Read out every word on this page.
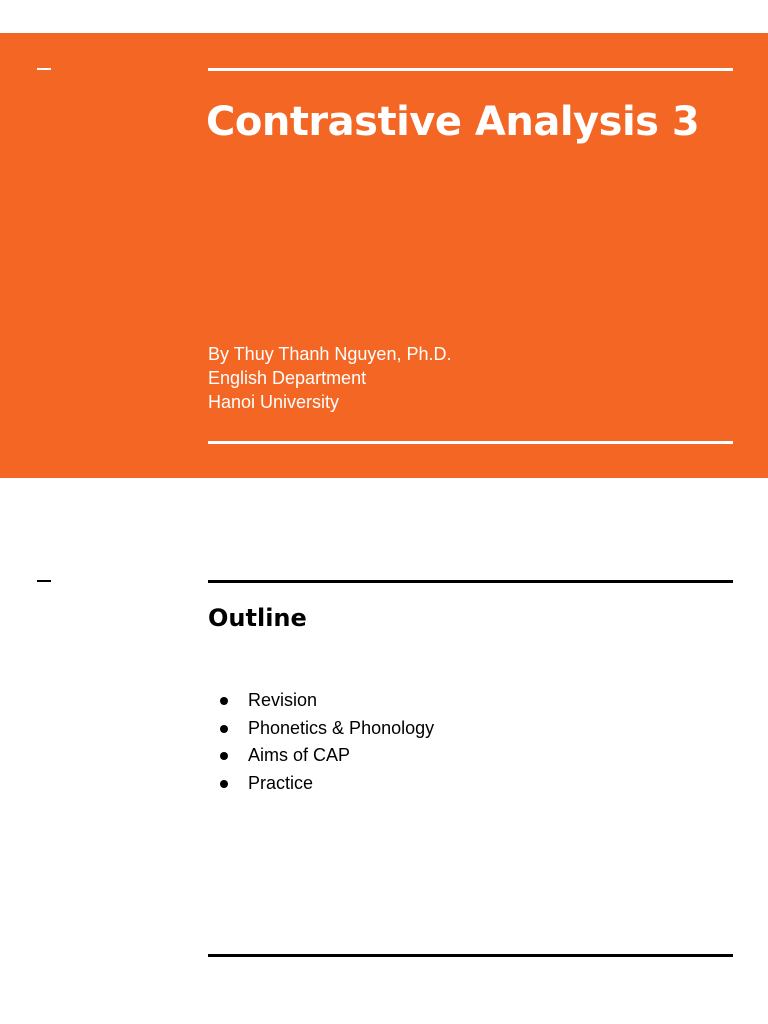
Contrastive Analysis 3
By Thuy Thanh Nguyen, Ph.D.
English Department
Hanoi University
Outline
Revision
Phonetics & Phonology
Aims of CAP
Practice
